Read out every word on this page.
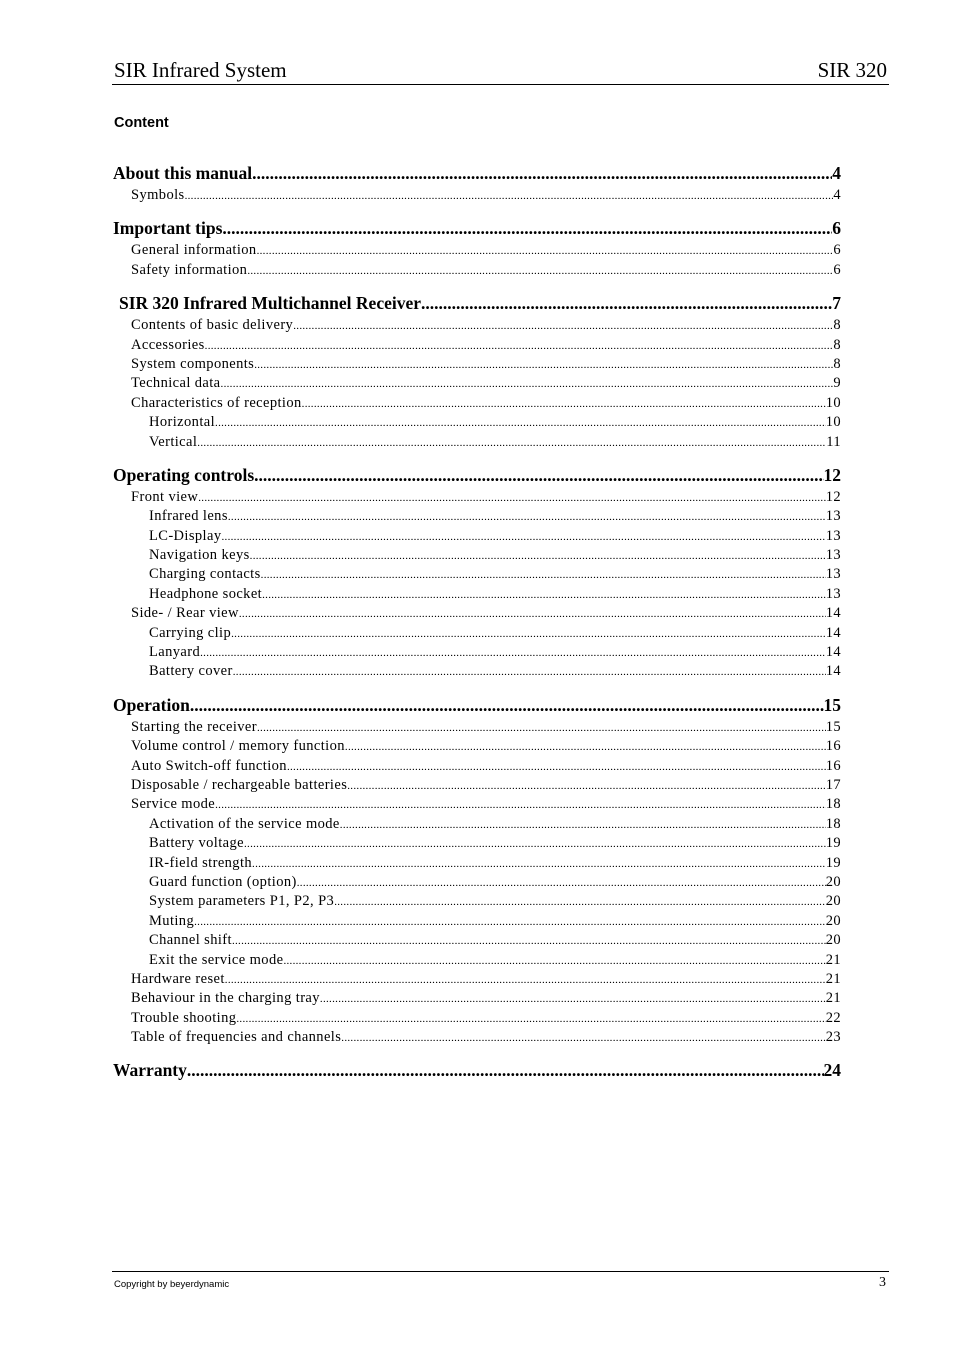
SIR Infrared System	SIR 320
Content
About this manual .....	4
Symbols .....	4
Important tips .....	6
General information .....	6
Safety information .....	6
SIR 320 Infrared Multichannel Receiver .....	7
Contents of basic delivery .....	8
Accessories .....	8
System components .....	8
Technical data .....	9
Characteristics of reception .....	10
Horizontal .....	10
Vertical .....	11
Operating controls .....	12
Front view .....	12
Infrared lens .....	13
LC-Display .....	13
Navigation keys .....	13
Charging contacts .....	13
Headphone socket .....	13
Side- / Rear view .....	14
Carrying clip .....	14
Lanyard .....	14
Battery cover .....	14
Operation .....	15
Starting the receiver .....	15
Volume control / memory function .....	16
Auto Switch-off function .....	16
Disposable / rechargeable batteries .....	17
Service mode .....	18
Activation of the service mode .....	18
Battery voltage .....	19
IR-field strength .....	19
Guard function (option) .....	20
System parameters P1, P2, P3 .....	20
Muting .....	20
Channel shift .....	20
Exit the service mode .....	21
Hardware reset .....	21
Behaviour in the charging tray .....	21
Trouble shooting .....	22
Table of frequencies and channels .....	23
Warranty .....	24
Copyright by beyerdynamic	3
